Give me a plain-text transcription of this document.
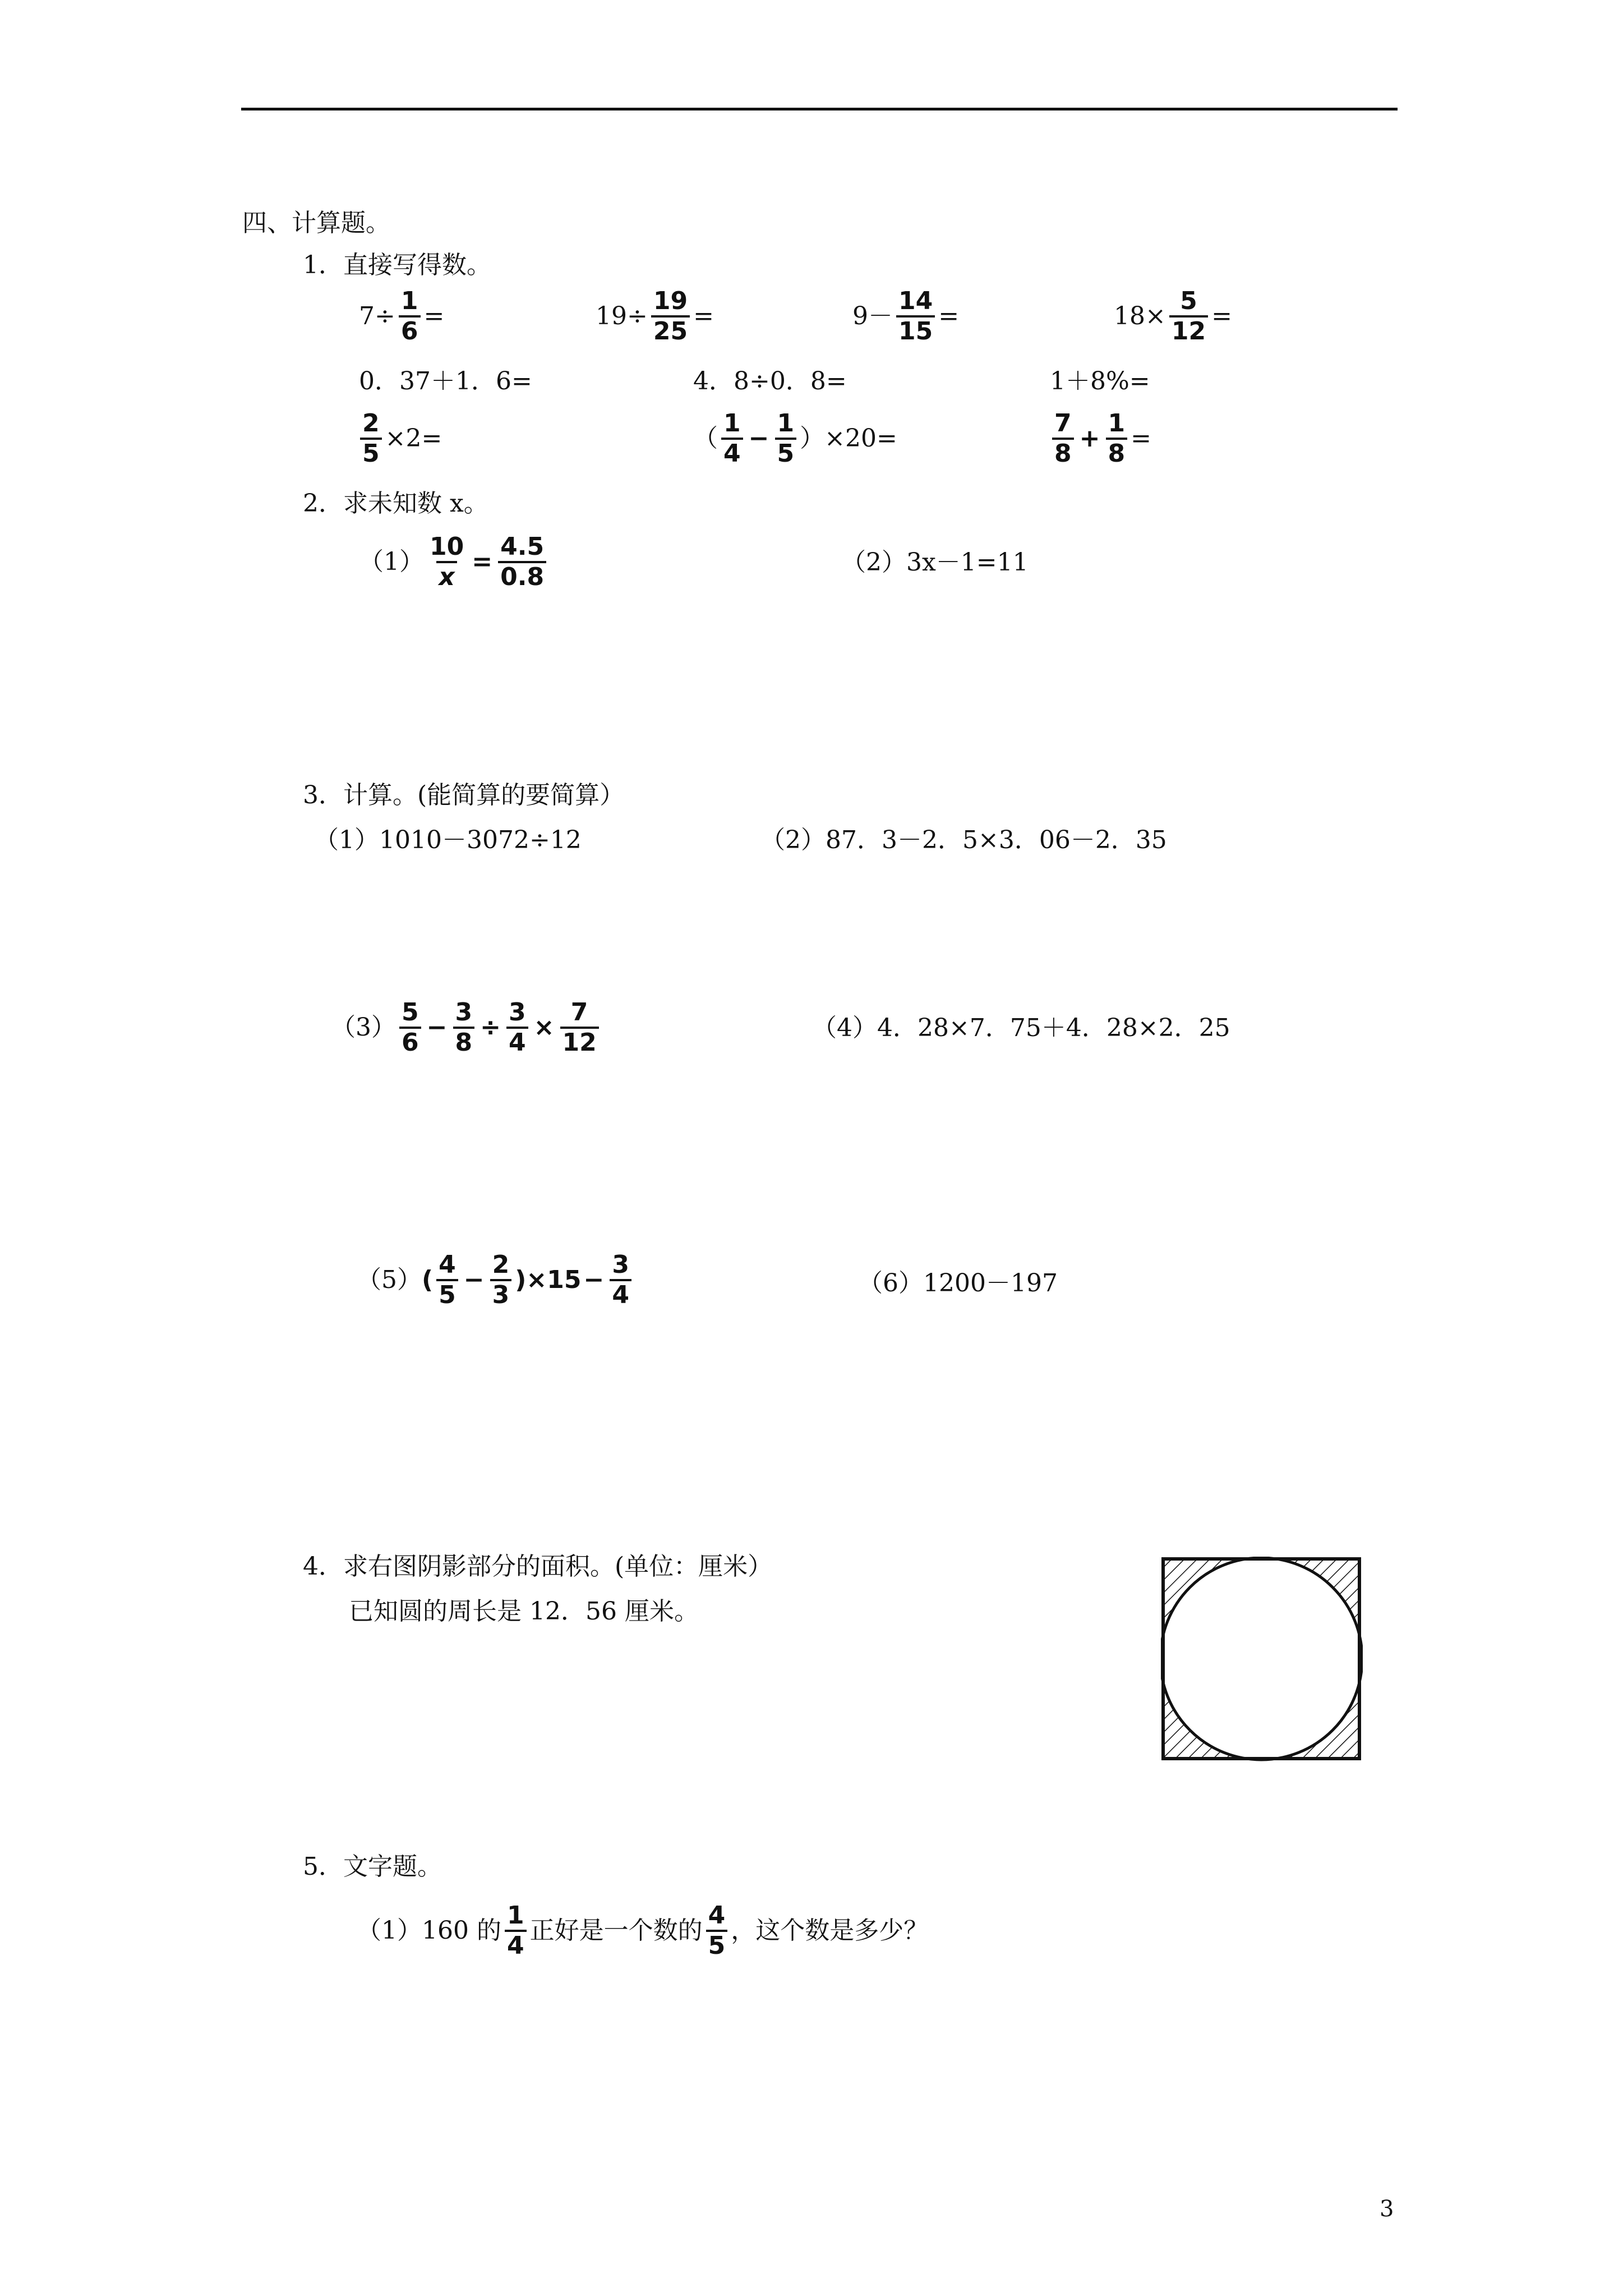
四、计算题。
1．直接写得数。
$7\div \frac{1}{6}$ =	$19\div \frac{19}{25}$ =	$9- \frac{14}{15}$ =	$18\times \frac{5}{12}$ =
0．37＋1．6=	4．8÷0．8=	1＋8%=
$\frac{2}{5} \times 2=$	（ $\frac{1}{4} - \frac{1}{5} )\times 20=$	$\frac{7}{8} + \frac{1}{8}$ =
2．求未知数 x。
$(1) \frac{10}{x} = \frac{4.5}{0.8}$	（2）3x－1=11
3．计算。(能简算的要简算）
（1）1010－3072÷12	（2）87．3－2．5×3．06－2．35
$(3) \frac{5}{6} - \frac{3}{8} \div \frac{3}{4} \times \frac{7}{12}$	（4）4．28×7．75＋4．28×2．25
（5） ( $\frac{4}{5} - \frac{2}{3} )\times 15 - \frac{3}{4}$	（6）1200－197
4．求右图阴影部分的面积。(单位：厘米）
已知圆的周长是 12．56 厘米。
5．文字题。
（1）160 的 $\frac{1}{4}$ 正好是一个数的 $\frac{4}{5}$ ，这个数是多少？
3
